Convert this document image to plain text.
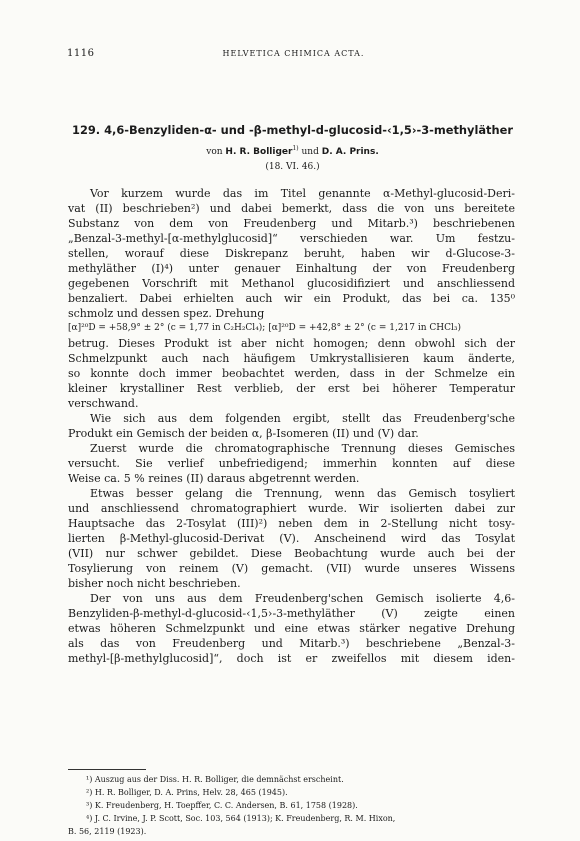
1116	HELVETICA CHIMICA ACTA.
129. 4,6-Benzyliden-α- und -β-methyl-d-glucosid-‹1,5›-3-methyläther
von H. R. Bolliger$^{1)}$ und D. A. Prins.
(18. VI. 46.)
Vor kurzem wurde das im Titel genannte α-Methyl-glucosid-Deri-
vat (II) beschrieben²) und dabei bemerkt, dass die von uns bereitete
Substanz von dem von Freudenberg und Mitarb.³) beschriebenen
„Benzal-3-methyl-[α-methylglucosid]“ verschieden war. Um festzu-
stellen, worauf diese Diskrepanz beruht, haben wir d-Glucose-3-
methyläther (I)⁴) unter genauer Einhaltung der von Freudenberg
gegebenen Vorschrift mit Methanol glucosidifiziert und anschliessend
benzaliert. Dabei erhielten auch wir ein Produkt, das bei ca. 135⁰
schmolz und dessen spez. Drehung
[α]²⁰D = +58,9° ± 2° (c = 1,77 in C₂H₂Cl₄); [α]²⁰D = +42,8° ± 2° (c = 1,217 in CHCl₃)
betrug. Dieses Produkt ist aber nicht homogen; denn obwohl sich der
Schmelzpunkt auch nach häufigem Umkrystallisieren kaum änderte,
so konnte doch immer beobachtet werden, dass in der Schmelze ein
kleiner krystalliner Rest verblieb, der erst bei höherer Temperatur
verschwand.
Wie sich aus dem folgenden ergibt, stellt das Freudenberg'sche
Produkt ein Gemisch der beiden α, β-Isomeren (II) und (V) dar.
Zuerst wurde die chromatographische Trennung dieses Gemisches
versucht. Sie verlief unbefriedigend; immerhin konnten auf diese
Weise ca. 5 % reines (II) daraus abgetrennt werden.
Etwas besser gelang die Trennung, wenn das Gemisch tosyliert
und anschliessend chromatographiert wurde. Wir isolierten dabei zur
Hauptsache das 2-Tosylat (III)²) neben dem in 2-Stellung nicht tosy-
lierten β-Methyl-glucosid-Derivat (V). Anscheinend wird das Tosylat
(VII) nur schwer gebildet. Diese Beobachtung wurde auch bei der
Tosylierung von reinem (V) gemacht. (VII) wurde unseres Wissens
bisher noch nicht beschrieben.
Der von uns aus dem Freudenberg'schen Gemisch isolierte 4,6-
Benzyliden-β-methyl-d-glucosid-‹1,5›-3-methyläther (V) zeigte einen
etwas höheren Schmelzpunkt und eine etwas stärker negative Drehung
als das von Freudenberg und Mitarb.³) beschriebene „Benzal-3-
methyl-[β-methylglucosid]“, doch ist er zweifellos mit diesem iden-
¹) Auszug aus der Diss. H. R. Bolliger, die demnächst erscheint.
²) H. R. Bolliger, D. A. Prins, Helv. 28, 465 (1945).
³) K. Freudenberg, H. Toepffer, C. C. Andersen, B. 61, 1758 (1928).
⁴) J. C. Irvine, J. P. Scott, Soc. 103, 564 (1913); K. Freudenberg, R. M. Hixon,
B. 56, 2119 (1923).
